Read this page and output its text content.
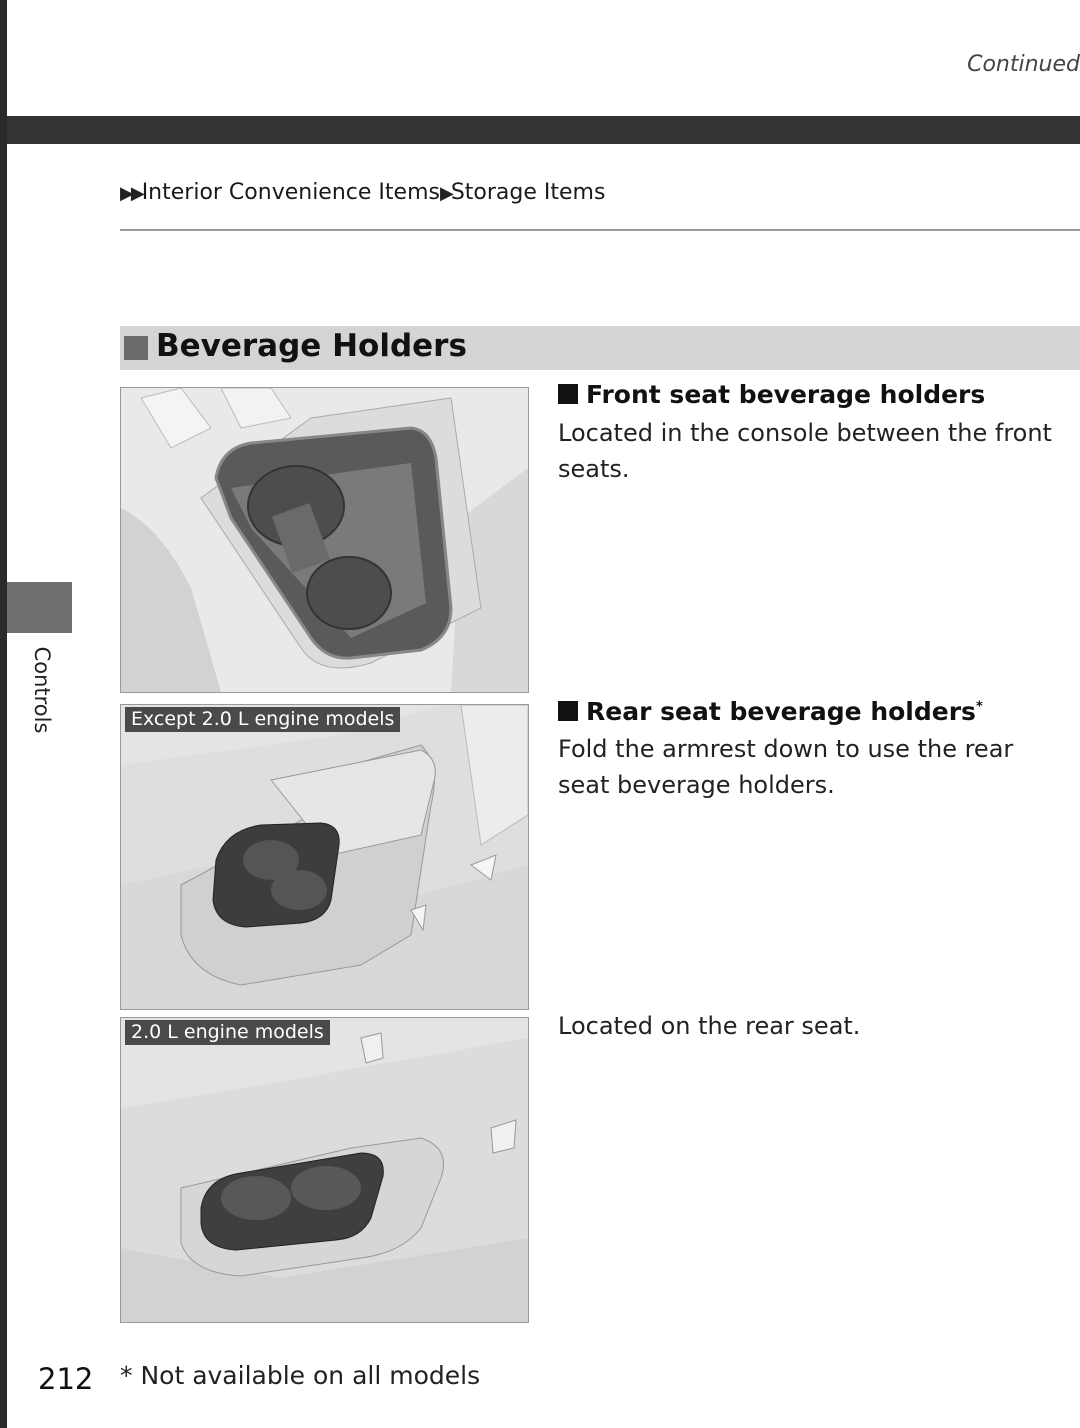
Continued
▶▶Interior Convenience Items▶Storage Items
Beverage Holders
Controls	Except 2.0 L engine models
2.0 L engine models
Front seat beverage holders
Located in the console between the front seats.
Rear seat beverage holders*
Fold the armrest down to use the rear seat beverage holders.
Located on the rear seat.
212 * Not available on all models
